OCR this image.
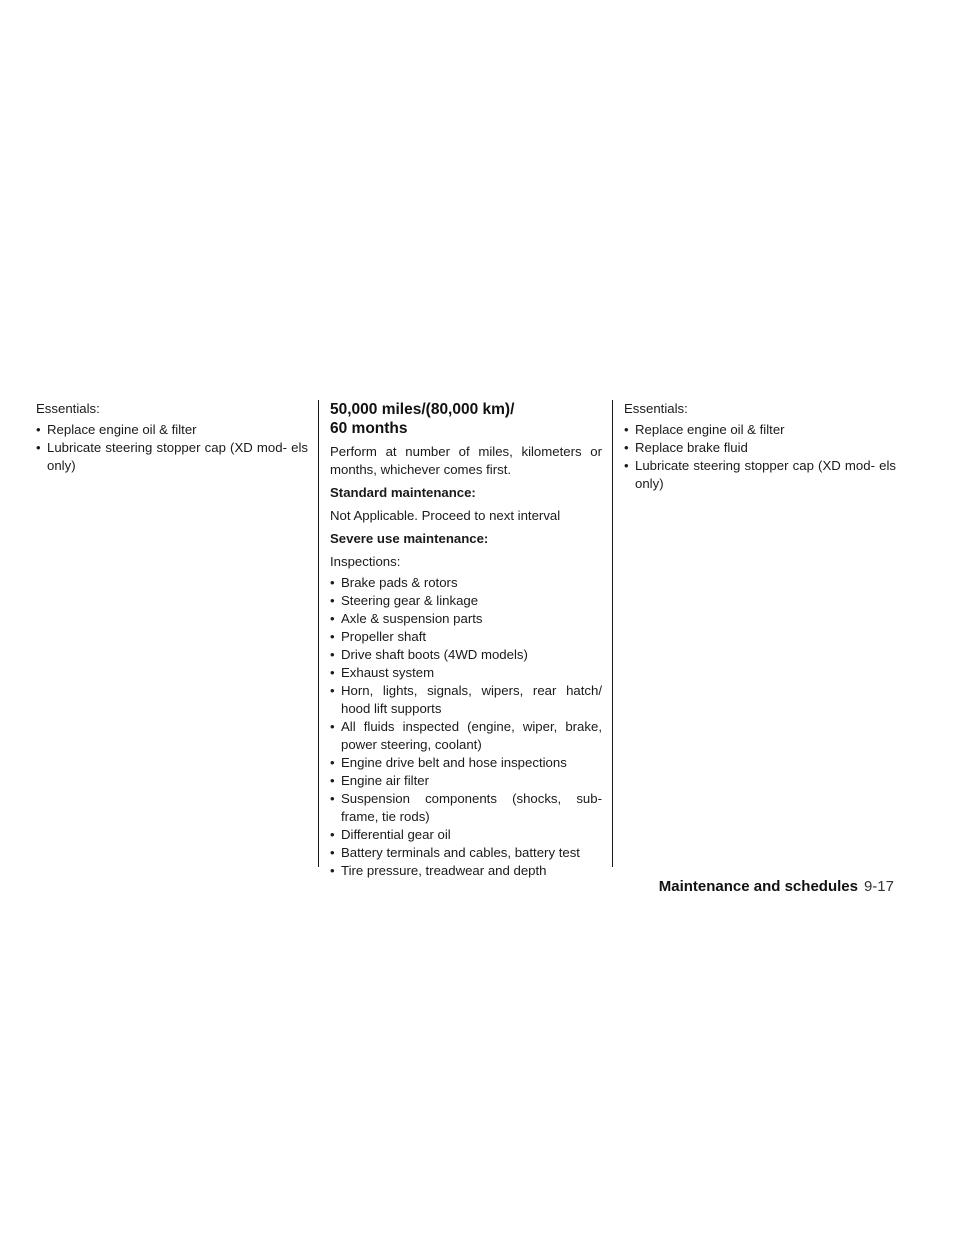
Essentials:

• Replace engine oil & filter
• Lubricate steering stopper cap (XD mod- els only)
50,000 miles/(80,000 km)/
60 months

Perform at number of miles, kilometers or months, whichever comes first.

Standard maintenance:

Not Applicable. Proceed to next interval

Severe use maintenance:

Inspections:

• Brake pads & rotors
• Steering gear & linkage
• Axle & suspension parts
• Propeller shaft
• Drive shaft boots (4WD models)
• Exhaust system
• Horn, lights, signals, wipers, rear hatch/ hood lift supports
• All fluids inspected (engine, wiper, brake, power steering, coolant)
• Engine drive belt and hose inspections
• Engine air filter
• Suspension components (shocks, sub- frame, tie rods)
• Differential gear oil
• Battery terminals and cables, battery test
• Tire pressure, treadwear and depth

Essentials:

• Replace engine oil & filter
• Replace brake fluid
• Lubricate steering stopper cap (XD mod- els only)
Maintenance and schedules 9-17
